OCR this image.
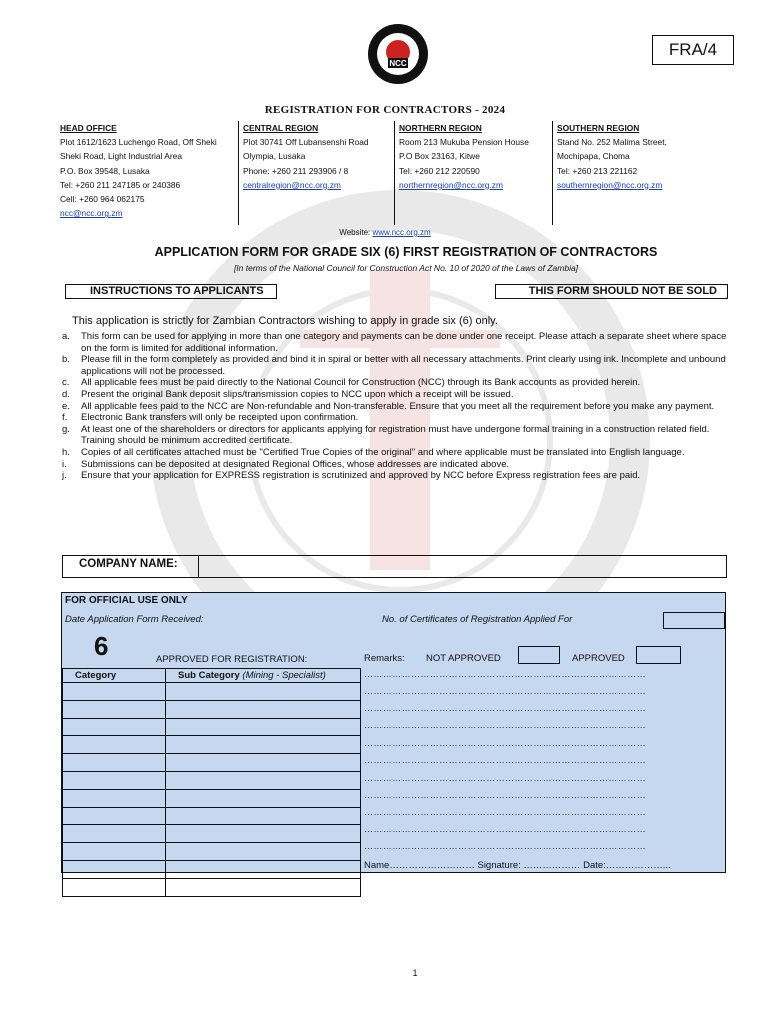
NCC
FRA/4
REGISTRATION FOR CONTRACTORS - 2024
HEAD OFFICE
Plot 1612/1623 Luchengo Road, Off Sheki
Sheki Road, Light Industrial Area
P.O. Box 39548, Lusaka
Tel: +260 211 247185 or 240386
Cell: +260 964 062175
ncc@ncc.org.zm
CENTRAL REGION
Plot 30741 Off Lubansenshi Road
Olympia, Lusaka
Phone: +260 211 293906 / 8
centralregion@ncc.org.zm
NORTHERN REGION
Room 213 Mukuba Pension House
P.O Box 23163, Kitwe
Tel: +260 212 220590
northernregion@ncc.org.zm
SOUTHERN REGION
Stand No. 252 Malima Street,
Mochipapa, Choma
Tel: +260 213 221162
southernregion@ncc.org.zm
Website: www.ncc.org.zm
APPLICATION FORM FOR GRADE SIX (6) FIRST REGISTRATION OF CONTRACTORS
[In terms of the National Council for Construction Act No. 10 of 2020 of the Laws of Zambia]
INSTRUCTIONS TO APPLICANTS	THIS FORM SHOULD NOT BE SOLD
This application is strictly for Zambian Contractors wishing to apply in grade six (6) only.
a.	This form can be used for applying in more than one category and payments can be done under one receipt. Please attach a separate sheet where space on the form is limited for additional information.
b.	Please fill in the form completely as provided and bind it in spiral or better with all necessary attachments. Print clearly using ink. Incomplete and unbound applications will not be processed.
c.	All applicable fees must be paid directly to the National Council for Construction (NCC) through its Bank accounts as provided herein.
d.	Present the original Bank deposit slips/transmission copies to NCC upon which a receipt will be issued.
e.	All applicable fees paid to the NCC are Non-refundable and Non-transferable. Ensure that you meet all the requirement before you make any payment.
f.	Electronic Bank transfers will only be receipted upon confirmation.
g.	At least one of the shareholders or directors for applicants applying for registration must have undergone formal training in a construction related field. Training should be minimum accredited certificate.
h.	Copies of all certificates attached must be "Certified True Copies of the original" and where applicable must be translated into English language.
i.	Submissions can be deposited at designated Regional Offices, whose addresses are indicated above.
j.	Ensure that your application for EXPRESS registration is scrutinized and approved by NCC before Express registration fees are paid.
COMPANY NAME:
FOR OFFICIAL USE ONLY
Date Application Form Received:	No. of Certificates of Registration Applied For
6	APPROVED FOR REGISTRATION:	Remarks: NOT APPROVED	APPROVED
Category	Sub Category (Mining - Specialist)

		………………………………………………………………………………
………………………………………………………………………………
………………………………………………………………………………
………………………………………………………………………………
………………………………………………………………………………
………………………………………………………………………………
………………………………………………………………………………
………………………………………………………………………………
………………………………………………………………………………
………………………………………………………………………………
………………………………………………………………………………
Name……………………… Signature: ……………… Date:………………...
1
